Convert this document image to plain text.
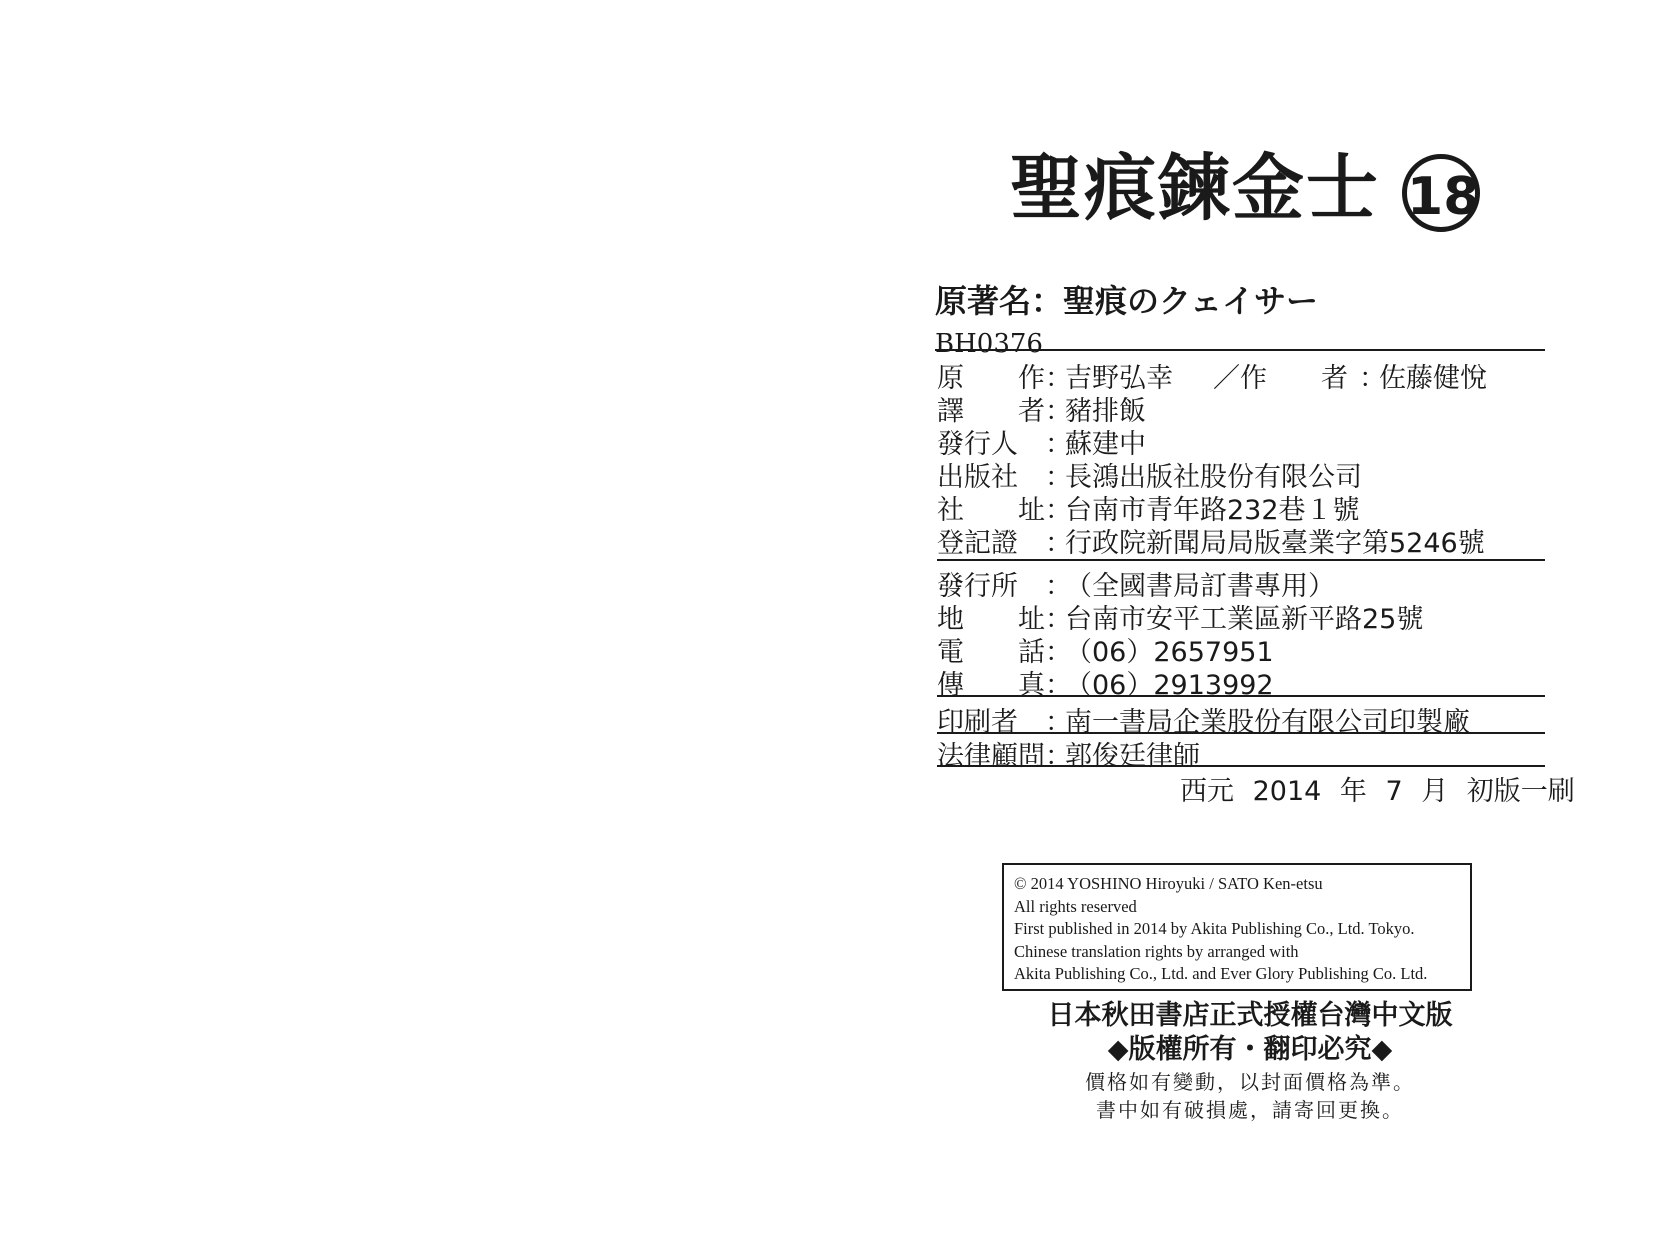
聖痕鍊金士 18
原著名：聖痕のクェイサー
BH0376
原　　作 ：
吉野弘幸	／作　　者 ：
佐藤健悅
譯　　者 ：
豬排飯
發行人	：
蘇建中
出版社	：
長鴻出版社股份有限公司
社　　址 ：
台南市青年路232巷１號
登記證	：
行政院新聞局局版臺業字第5246號
發行所	：
（全國書局訂書專用）
地　　址 ：
台南市安平工業區新平路25號
電　　話 ：
（06）2657951
傳　　真 ：
（06）2913992
印刷者	：
南一書局企業股份有限公司印製廠
法律顧問 ：
郭俊廷律師
西元 2014 年 7 月 初版一刷
© 2014 YOSHINO Hiroyuki / SATO Ken-etsu
All rights reserved
First published in 2014 by Akita Publishing Co., Ltd. Tokyo.
Chinese translation rights by arranged with
Akita Publishing Co., Ltd. and Ever Glory Publishing Co. Ltd.
日本秋田書店正式授權台灣中文版
◆版權所有・翻印必究◆
價格如有變動，以封面價格為準。
書中如有破損處，請寄回更換。
